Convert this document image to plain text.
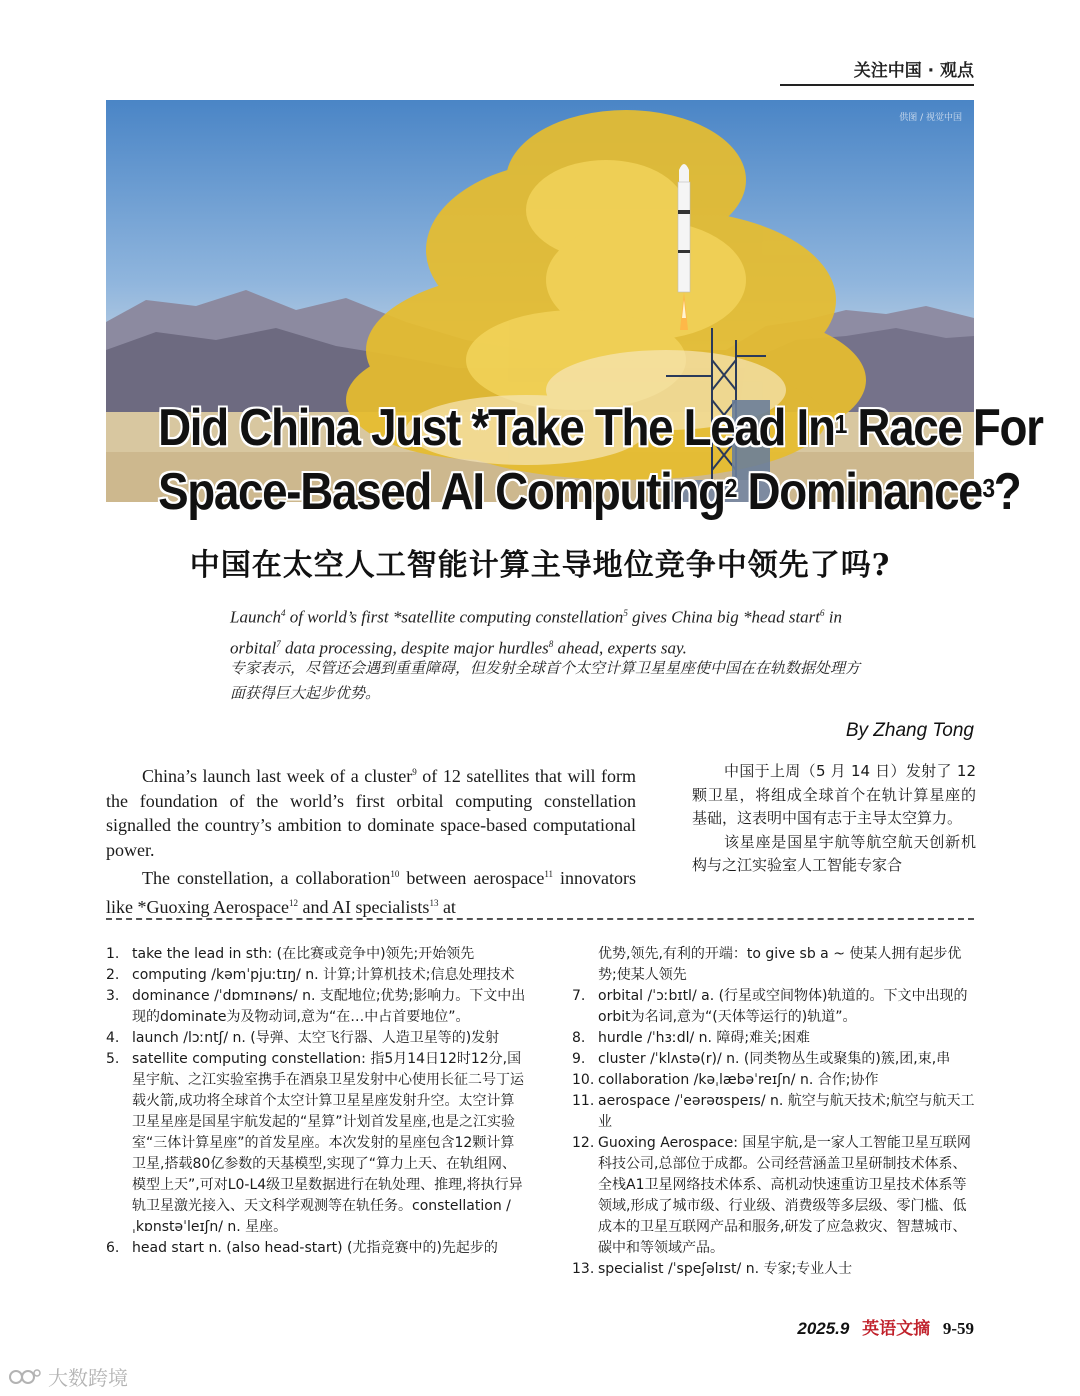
关注中国 · 观点
供图 / 视觉中国
Did China Just *Take The Lead In$^1$ Race For
Space-Based AI Computing$^2$ Dominance$^3$?
中国在太空人工智能计算主导地位竞争中领先了吗?
Launch$^4$ of world’s first *satellite computing constellation$^5$ gives China big *head start$^6$ in orbital$^7$ data processing, despite major hurdles$^8$ ahead, experts say.
专家表示，尽管还会遇到重重障碍，但发射全球首个太空计算卫星星座使中国在在轨数据处理方面获得巨大起步优势。
By Zhang Tong

China’s launch last week of a cluster$^9$ of 12 satellites that will form the foundation of the world’s first orbital computing constellation signalled the country’s ambition to dominate space-based computational power.

The constellation, a collaboration$^{10}$ between aerospace$^{11}$ innovators like *Guoxing Aerospace$^{12}$ and AI specialists$^{13}$ at

中国于上周（5 月 14 日）发射了 12 颗卫星，将组成全球首个在轨计算星座的基础，这表明中国有志于主导太空算力。

该星座是国星宇航等航空航天创新机构与之江实验室人工智能专家合

1. take the lead in sth: (在比赛或竞争中)领先;开始领先
2. computing /kəmˈpjuːtɪŋ/ n. 计算;计算机技术;信息处理技术
3. dominance /ˈdɒmɪnəns/ n. 支配地位;优势;影响力。下文中出现的dominate为及物动词,意为“在…中占首要地位”。
4. launch /lɔːntʃ/ n. (导弹、太空飞行器、人造卫星等的)发射
5. satellite computing constellation: 指5月14日12时12分,国星宇航、之江实验室携手在酒泉卫星发射中心使用长征二号丁运载火箭,成功将全球首个太空计算卫星星座发射升空。太空计算卫星星座是国星宇航发起的“星算”计划首发星座,也是之江实验室“三体计算星座”的首发星座。本次发射的星座包含12颗计算卫星,搭载80亿参数的天基模型,实现了“算力上天、在轨组网、模型上天”,可对L0-L4级卫星数据进行在轨处理、推理,将执行异轨卫星激光接入、天文科学观测等在轨任务。constellation /ˌkɒnstəˈleɪʃn/ n. 星座。
6. head start n. (also head-start) (尤指竞赛中的)先起步的
优势,领先,有利的开端：to give sb a ~ 使某人拥有起步优势;使某人领先
7. orbital /ˈɔːbɪtl/ a. (行星或空间物体)轨道的。下文中出现的orbit为名词,意为“(天体等运行的)轨道”。
8. hurdle /ˈhɜːdl/ n. 障碍;难关;困难
9. cluster /ˈklʌstə(r)/ n. (同类物丛生或聚集的)簇,团,束,串
10. collaboration /kəˌlæbəˈreɪʃn/ n. 合作;协作
11. aerospace /ˈeərəʊspeɪs/ n. 航空与航天技术;航空与航天工业
12. Guoxing Aerospace: 国星宇航,是一家人工智能卫星互联网科技公司,总部位于成都。公司经营涵盖卫星研制技术体系、全栈A1卫星网络技术体系、高机动快速重访卫星技术体系等领域,形成了城市级、行业级、消费级等多层级、零门槛、低成本的卫星互联网产品和服务,研发了应急救灾、智慧城市、碳中和等领域产品。
13. specialist /ˈspeʃəlɪst/ n. 专家;专业人士
2025.9 英语文摘 9-59
大数跨境
